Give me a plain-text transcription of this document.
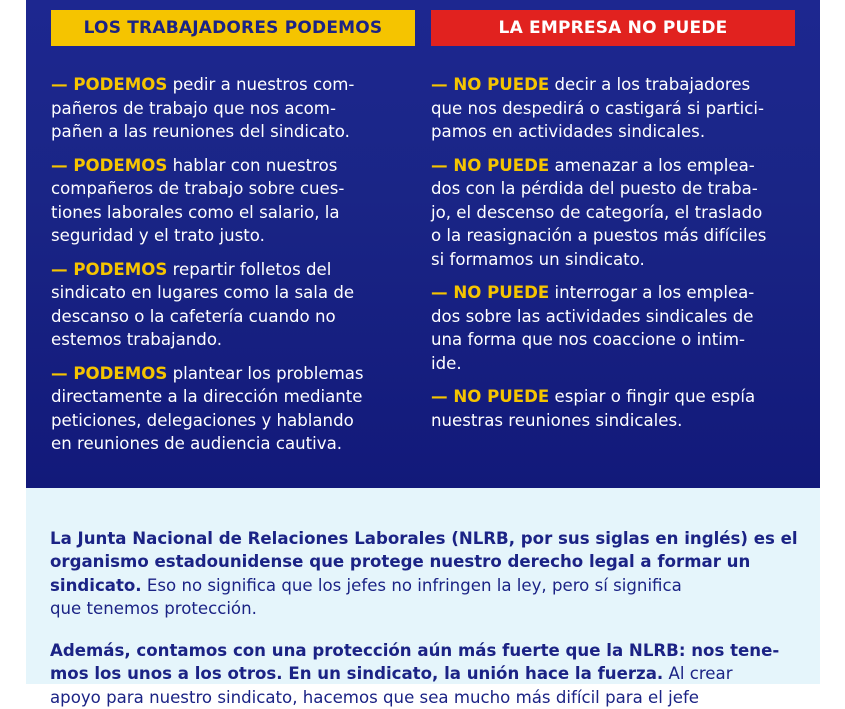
LOS TRABAJADORES PODEMOS

— PODEMOS pedir a nuestros com-
pañeros de trabajo que nos acom-
pañen a las reuniones del sindicato.

— PODEMOS hablar con nuestros
compañeros de trabajo sobre cues-
tiones laborales como el salario, la
seguridad y el trato justo.

— PODEMOS repartir folletos del
sindicato en lugares como la sala de
descanso o la cafetería cuando no
estemos trabajando.

— PODEMOS plantear los problemas
directamente a la dirección mediante
peticiones, delegaciones y hablando
en reuniones de audiencia cautiva.

LA EMPRESA NO PUEDE

— NO PUEDE decir a los trabajadores
que nos despedirá o castigará si partici-
pamos en actividades sindicales.

— NO PUEDE amenazar a los emplea-
dos con la pérdida del puesto de traba-
jo, el descenso de categoría, el traslado
o la reasignación a puestos más difíciles
si formamos un sindicato.

— NO PUEDE interrogar a los emplea-
dos sobre las actividades sindicales de
una forma que nos coaccione o intim-
ide.

— NO PUEDE espiar o fingir que espía
nuestras reuniones sindicales.

La Junta Nacional de Relaciones Laborales (NLRB, por sus siglas en inglés) es el
organismo estadounidense que protege nuestro derecho legal a formar un
sindicato. Eso no significa que los jefes no infringen la ley, pero sí significa
que tenemos protección.

Además, contamos con una protección aún más fuerte que la NLRB: nos tene-
mos los unos a los otros. En un sindicato, la unión hace la fuerza. Al crear
apoyo para nuestro sindicato, hacemos que sea mucho más difícil para el jefe
